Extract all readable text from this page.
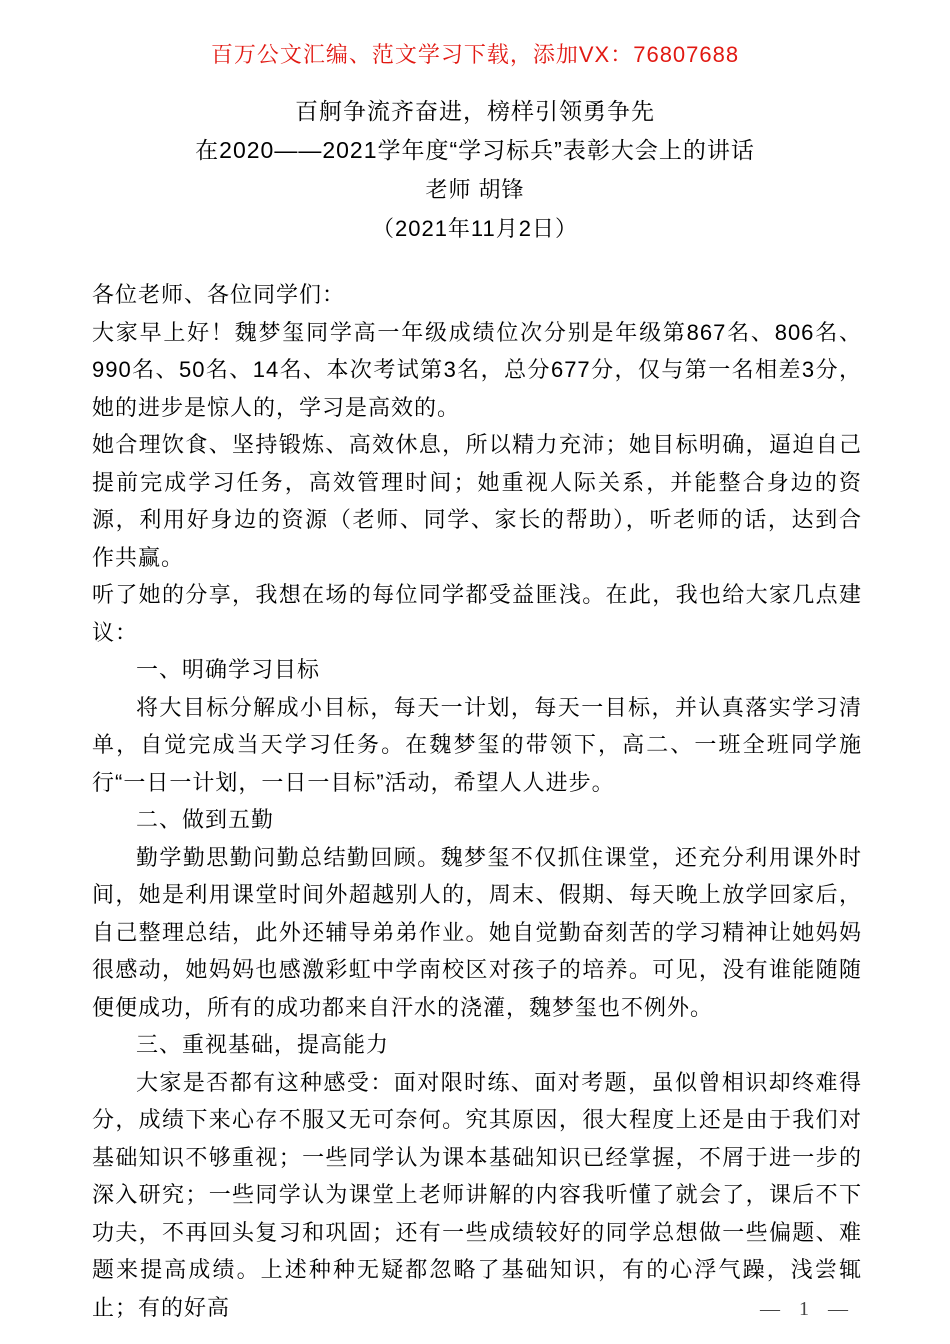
百万公文汇编、范文学习下载，添加VX：76807688
百舸争流齐奋进，榜样引领勇争先
在2020——2021学年度“学习标兵”表彰大会上的讲话
老师 胡锋
（2021年11月2日）
各位老师、各位同学们：

大家早上好！魏梦玺同学高一年级成绩位次分别是年级第867名、806名、990名、50名、14名、本次考试第3名，总分677分，仅与第一名相差3分，她的进步是惊人的，学习是高效的。

她合理饮食、坚持锻炼、高效休息，所以精力充沛；她目标明确，逼迫自己提前完成学习任务，高效管理时间；她重视人际关系，并能整合身边的资源，利用好身边的资源（老师、同学、家长的帮助），听老师的话，达到合作共赢。

听了她的分享，我想在场的每位同学都受益匪浅。在此，我也给大家几点建议：

一、明确学习目标

将大目标分解成小目标，每天一计划，每天一目标，并认真落实学习清单，自觉完成当天学习任务。在魏梦玺的带领下，高二、一班全班同学施行“一日一计划，一日一目标”活动，希望人人进步。

二、做到五勤

勤学勤思勤问勤总结勤回顾。魏梦玺不仅抓住课堂，还充分利用课外时间，她是利用课堂时间外超越别人的，周末、假期、每天晚上放学回家后，自己整理总结，此外还辅导弟弟作业。她自觉勤奋刻苦的学习精神让她妈妈很感动，她妈妈也感激彩虹中学南校区对孩子的培养。可见，没有谁能随随便便成功，所有的成功都来自汗水的浇灌，魏梦玺也不例外。

三、重视基础，提高能力

大家是否都有这种感受：面对限时练、面对考题，虽似曾相识却终难得分，成绩下来心存不服又无可奈何。究其原因，很大程度上还是由于我们对基础知识不够重视；一些同学认为课本基础知识已经掌握，不屑于进一步的深入研究；一些同学认为课堂上老师讲解的内容我听懂了就会了，课后不下功夫，不再回头复习和巩固；还有一些成绩较好的同学总想做一些偏题、难题来提高成绩。上述种种无疑都忽略了基础知识，有的心浮气躁，浅尝辄止；有的好高	— 1 —
